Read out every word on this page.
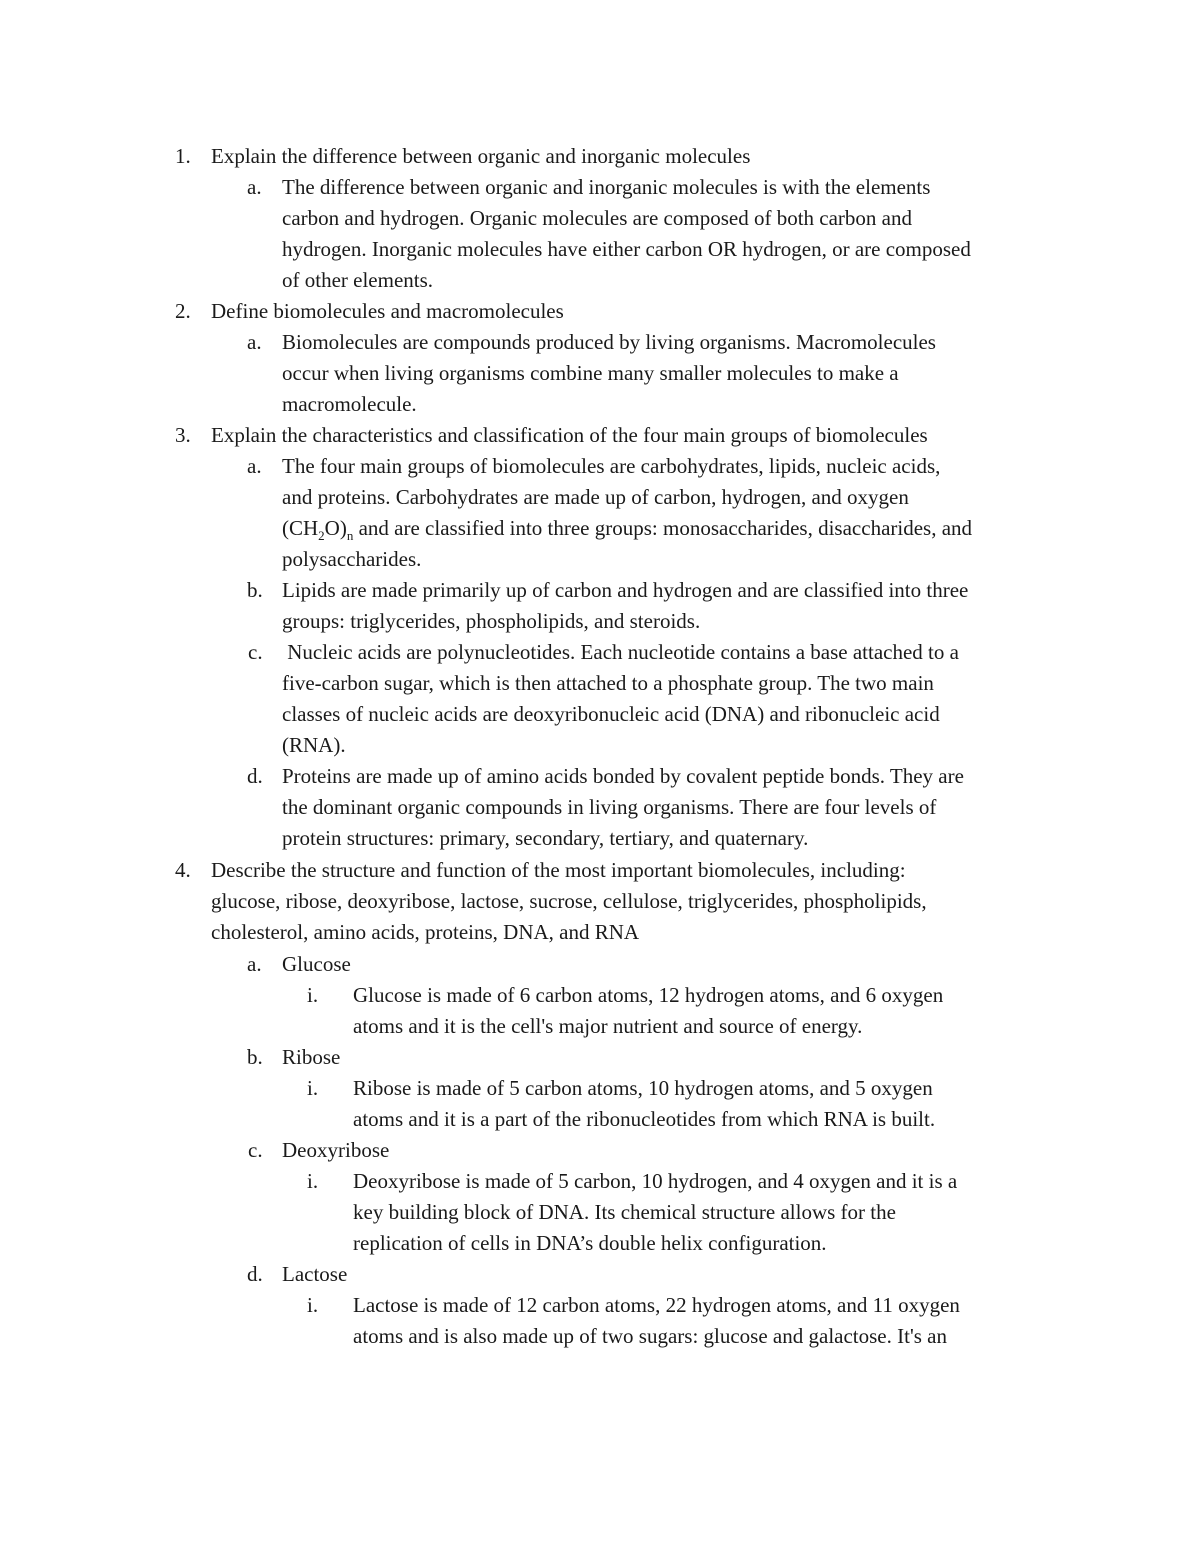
1. Explain the difference between organic and inorganic molecules
a. The difference between organic and inorganic molecules is with the elements
carbon and hydrogen. Organic molecules are composed of both carbon and
hydrogen. Inorganic molecules have either carbon OR hydrogen, or are composed
of other elements.
2. Define biomolecules and macromolecules
a. Biomolecules are compounds produced by living organisms. Macromolecules
occur when living organisms combine many smaller molecules to make a
macromolecule.
3. Explain the characteristics and classification of the four main groups of biomolecules
a. The four main groups of biomolecules are carbohydrates, lipids, nucleic acids,
and proteins. Carbohydrates are made up of carbon, hydrogen, and oxygen
$(CH_2O)_n$ and are classified into three groups: monosaccharides, disaccharides, and
polysaccharides.
b. Lipids are made primarily up of carbon and hydrogen and are classified into three
groups: triglycerides, phospholipids, and steroids.
c. Nucleic acids are polynucleotides. Each nucleotide contains a base attached to a
five-carbon sugar, which is then attached to a phosphate group. The two main
classes of nucleic acids are deoxyribonucleic acid (DNA) and ribonucleic acid
(RNA).
d. Proteins are made up of amino acids bonded by covalent peptide bonds. They are
the dominant organic compounds in living organisms. There are four levels of
protein structures: primary, secondary, tertiary, and quaternary.
4. Describe the structure and function of the most important biomolecules, including:
glucose, ribose, deoxyribose, lactose, sucrose, cellulose, triglycerides, phospholipids,
cholesterol, amino acids, proteins, DNA, and RNA
a. Glucose
i. Glucose is made of 6 carbon atoms, 12 hydrogen atoms, and 6 oxygen
atoms and it is the cell's major nutrient and source of energy.
b. Ribose
i. Ribose is made of 5 carbon atoms, 10 hydrogen atoms, and 5 oxygen
atoms and it is a part of the ribonucleotides from which RNA is built.
c. Deoxyribose
i. Deoxyribose is made of 5 carbon, 10 hydrogen, and 4 oxygen and it is a
key building block of DNA. Its chemical structure allows for the
replication of cells in DNA’s double helix configuration.
d. Lactose
i. Lactose is made of 12 carbon atoms, 22 hydrogen atoms, and 11 oxygen
atoms and is also made up of two sugars: glucose and galactose. It's an
